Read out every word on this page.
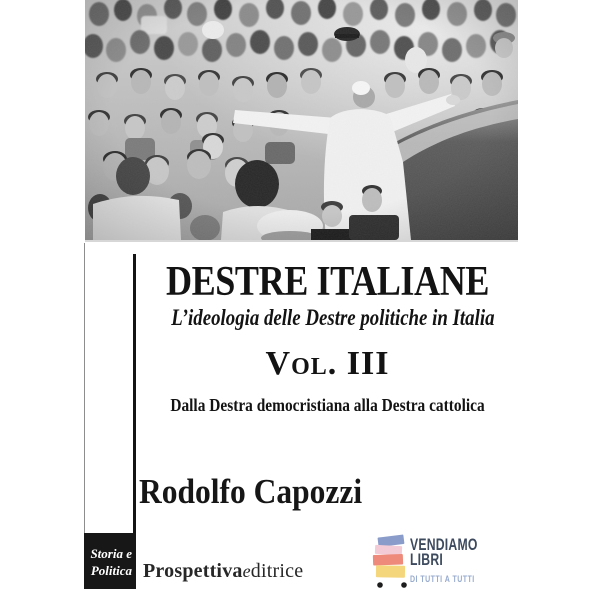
DESTRE ITALIANE
L’ideologia delle Destre politiche in Italia
Vol. III
Dalla Destra democristiana alla Destra cattolica
Rodolfo Capozzi
Storia e
Politica Prospettivaeditrice
VENDIAMO
LIBRI
DI TUTTI A TUTTI
